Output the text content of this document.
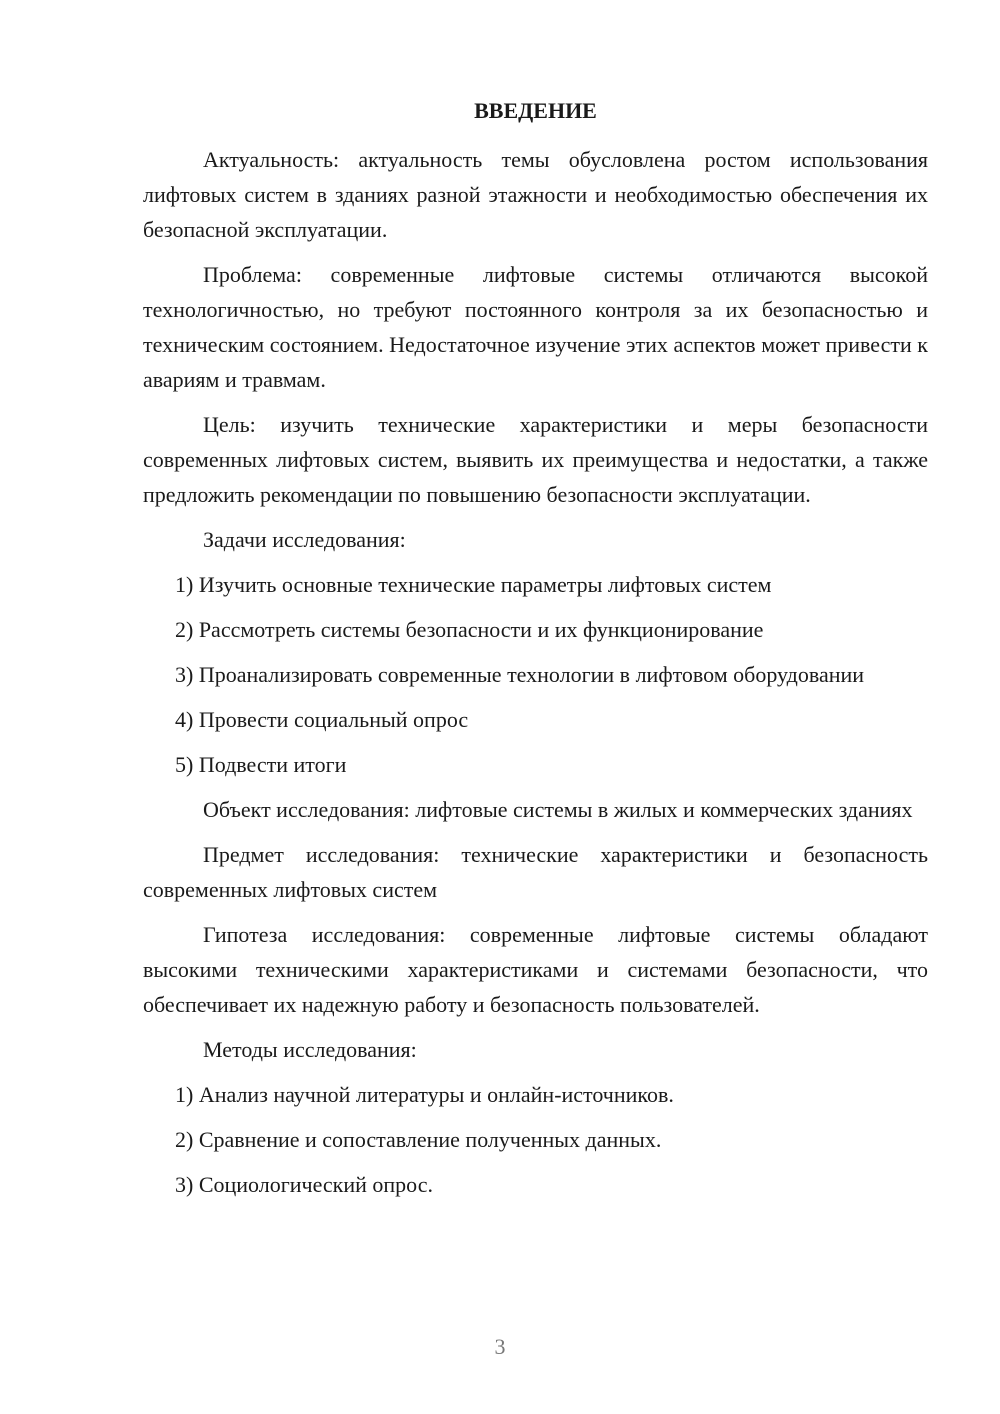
ВВЕДЕНИЕ

Актуальность: актуальность темы обусловлена ростом использования лифтовых систем в зданиях разной этажности и необходимостью обеспечения их безопасной эксплуатации.

Проблема: современные лифтовые системы отличаются высокой технологичностью, но требуют постоянного контроля за их безопасностью и техническим состоянием. Недостаточное изучение этих аспектов может привести к авариям и травмам.

Цель: изучить технические характеристики и меры безопасности современных лифтовых систем, выявить их преимущества и недостатки, а также предложить рекомендации по повышению безопасности эксплуатации.

Задачи исследования:

1) Изучить основные технические параметры лифтовых систем

2) Рассмотреть системы безопасности и их функционирование

3) Проанализировать современные технологии в лифтовом оборудовании

4) Провести социальный опрос

5) Подвести итоги

Объект исследования: лифтовые системы в жилых и коммерческих зданиях

Предмет исследования: технические характеристики и безопасность современных лифтовых систем

Гипотеза исследования: современные лифтовые системы обладают высокими техническими характеристиками и системами безопасности, что обеспечивает их надежную работу и безопасность пользователей.

Методы исследования:

1) Анализ научной литературы и онлайн-источников.

2) Сравнение и сопоставление полученных данных.

3) Социологический опрос.

3
